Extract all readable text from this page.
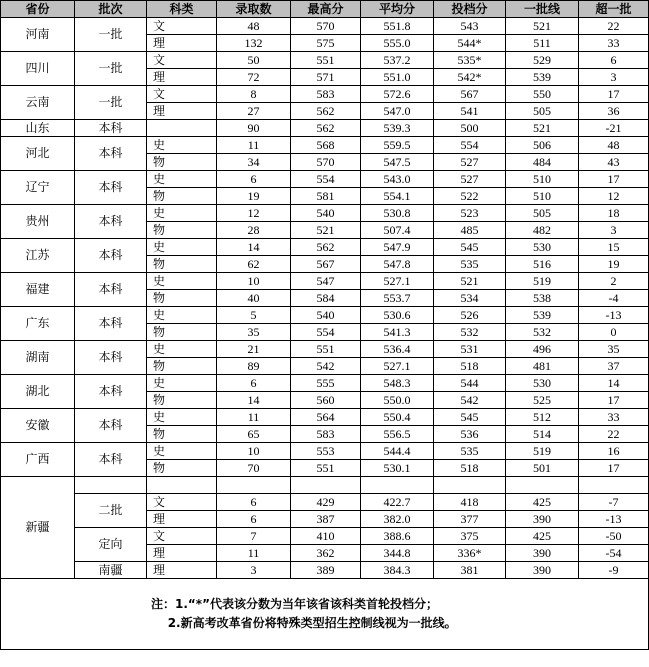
省份	批次	科类	录取数	最高分	平均分	投档分	一批线	超一批
河南	一批	文	48	570	551.8	543	521	22
		理	132	575	555.0	544*	511	33
四川	一批	文	50	551	537.2	535*	529	6
		理	72	571	551.0	542*	539	3
云南	一批	文	8	583	572.6	567	550	17
		理	27	562	547.0	541	505	36
山东	本科		90	562	539.3	500	521	-21
河北	本科	史	11	568	559.5	554	506	48
		物	34	570	547.5	527	484	43
辽宁	本科	史	6	554	543.0	527	510	17
		物	19	581	554.1	522	510	12
贵州	本科	史	12	540	530.8	523	505	18
		物	28	521	507.4	485	482	3
江苏	本科	史	14	562	547.9	545	530	15
		物	62	567	547.8	535	516	19
福建	本科	史	10	547	527.1	521	519	2
		物	40	584	553.7	534	538	-4
广东	本科	史	5	540	530.6	526	539	-13
		物	35	554	541.3	532	532	0
湖南	本科	史	21	551	536.4	531	496	35
		物	89	542	527.1	518	481	37
湖北	本科	史	6	555	548.3	544	530	14
		物	14	560	550.0	542	525	17
安徽	本科	史	11	564	550.4	545	512	33
		物	65	583	556.5	536	514	22
广西	本科	史	10	553	544.4	535	519	16
		物	70	551	530.1	518	501	17
新疆								
	二批	文	6	429	422.7	418	425	-7
		理	6	387	382.0	377	390	-13
	定向	文	7	410	388.6	375	425	-50
		理	11	362	344.8	336*	390	-54
	南疆	理	3	389	384.3	381	390	-9

注：1.“*”代表该分数为当年该省该科类首轮投档分；
2.新高考改革省份将特殊类型招生控制线视为一批线。								
